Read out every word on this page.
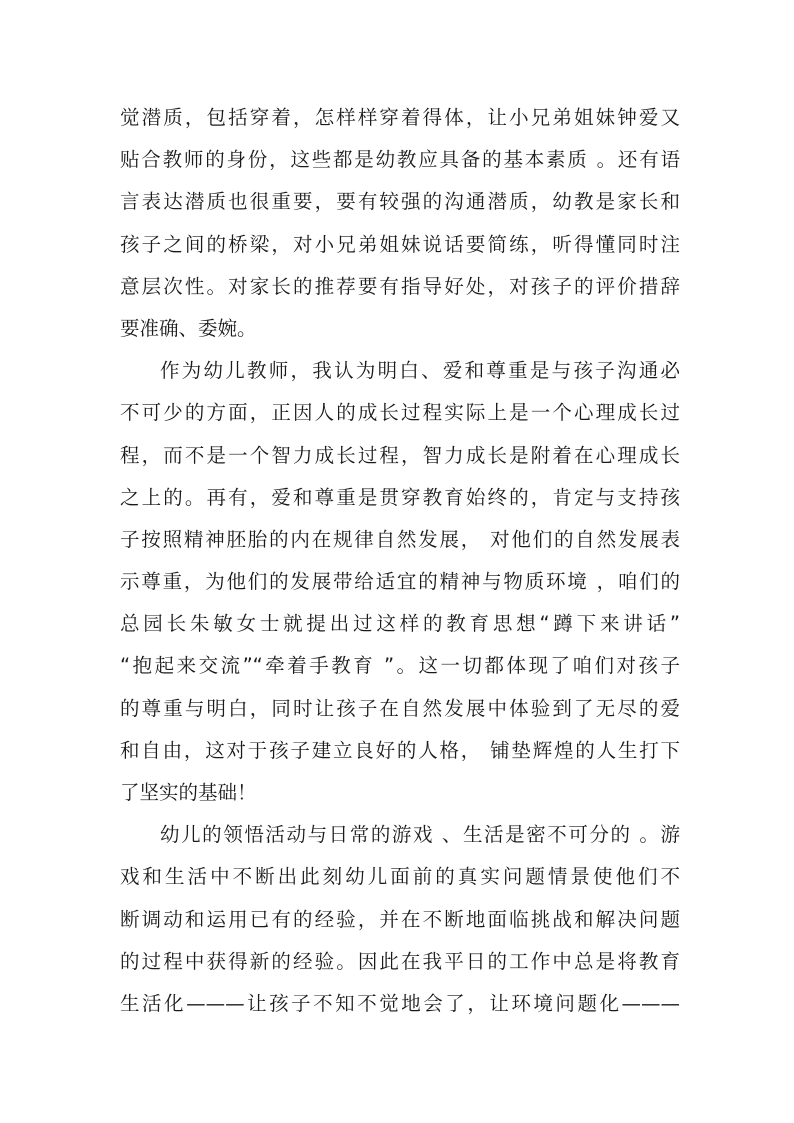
觉潜质，包括穿着，怎样样穿着得体，让小兄弟姐妹钟爱又
贴合教师的身份，这些都是幼教应具备的基本素质 。还有语
言表达潜质也很重要，要有较强的沟通潜质，幼教是家长和
孩子之间的桥梁，对小兄弟姐妹说话要简练，听得懂同时注
意层次性。对家长的推荐要有指导好处，对孩子的评价措辞
要准确、委婉。
作为幼儿教师，我认为明白、爱和尊重是与孩子沟通必
不可少的方面，正因人的成长过程实际上是一个心理成长过
程，而不是一个智力成长过程，智力成长是附着在心理成长
之上的。再有，爱和尊重是贯穿教育始终的，肯定与支持孩
子按照精神胚胎的内在规律自然发展， 对他们的自然发展表
示尊重，为他们的发展带给适宜的精神与物质环境 ，咱们的
总园长朱敏女士就提出过这样的教育思想“蹲下来讲话”
“抱起来交流”“牵着手教育 ”。这一切都体现了咱们对孩子
的尊重与明白，同时让孩子在自然发展中体验到了无尽的爱
和自由，这对于孩子建立良好的人格， 铺垫辉煌的人生打下
了坚实的基础！
幼儿的领悟活动与日常的游戏 、生活是密不可分的 。游
戏和生活中不断出此刻幼儿面前的真实问题情景使他们不
断调动和运用已有的经验，并在不断地面临挑战和解决问题
的过程中获得新的经验。因此在我平日的工作中总是将教育
生活化———让孩子不知不觉地会了，让环境问题化———
